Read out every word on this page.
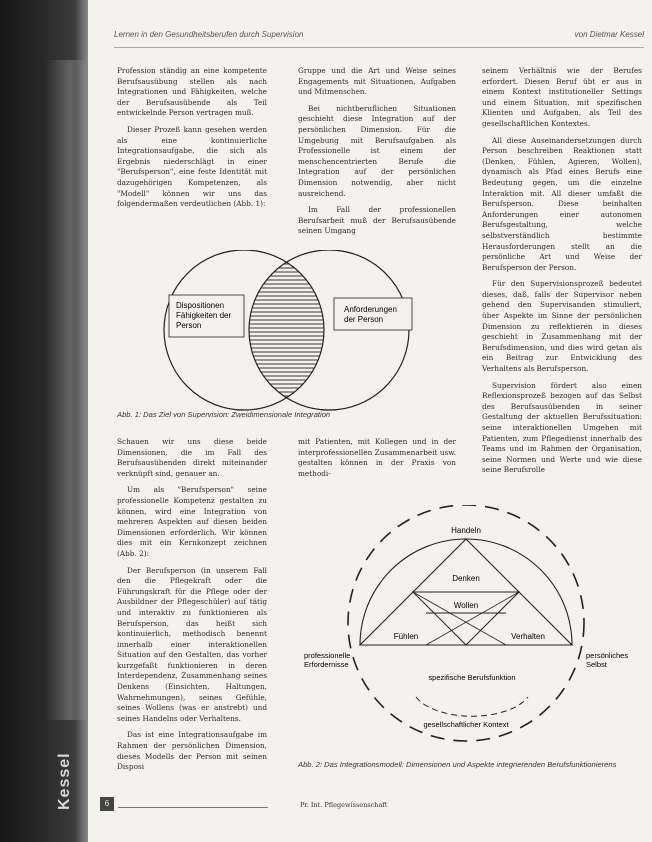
Kessel
Lernen in den Gesundheitsberufen durch Supervision	von Dietmar Kessel

Profession ständig an eine kompetente Berufsausübung stellen als nach Integrationen und Fähigkeiten, welche der Berufsausübende als Teil entwickelnde Person vertragen muß.

Dieser Prozeß kann gesehen werden als eine kontinuierliche Integrationsaufgabe, die sich als Ergebnis niederschlägt in einer "Berufsperson", eine feste Identität mit dazugehörigen Kompetenzen, als "Modell" können wir uns das folgendermaßen verdeutlichen (Abb. 1):

Gruppe und die Art und Weise seines Engagements mit Situationen, Aufgaben und Mitmenschen.

Bei nichtberuflichen Situationen geschieht diese Integration auf der persönlichen Dimension. Für die Umgebung mit Berufsaufgaben als Professionelle ist einem der menschencentrierten Berufe die Integration auf der persönlichen Dimension notwendig, aber nicht ausreichend.

Im Fall der professionellen Berufsarbeit muß der Berufsausübende seinen Umgang

seinem Verhältnis wie der Berufes erfordert. Diesen Beruf übt er aus in einem Kontext institutioneller Settings und einem Situation, mit spezifischen Klienten und Aufgaben, als Teil des gesellschaftlichen Kontextes.

All diese Auseinandersetzungen durch Person beschreiben Reaktionen statt (Denken, Fühlen, Agieren, Wollen), dynamisch als Pfad eines Berufs eine Bedeutung gegen, um die einzelne Interaktion mit. All dieser umfaßt die Berufsperson. Diese beinhalten Anforderungen einer autonomen Berufsgestaltung, welche selbstverständlich bestimmte Herausforderungen stellt an die persönliche Art und Weise der Berufsperson der Person.

Für den Supervisionsprozeß bedeutet dieses, daß, falls der Supervisor neben gehend den Supervisanden stimuliert, über Aspekte im Sinne der persönlichen Dimension zu reflektieren in dieses geschieht in Zusammenhang mit der Berufsdimension, und dies wird getan als ein Beitrag zur Entwicklung des Verhaltens als Berufsperson.

Supervision fördert also einen Reflexionsprozeß bezogen auf das Selbst des Berufsausübenden in seiner Gestaltung der aktuellen Berufssituation: seine interaktionellen Umgehen mit Patienten, zum Pflegedienst innerhalb des Teams und im Rahmen der Organisation, seine Normen und Werte und wie diese seine Berufsrolle

Dispositionen Fähigkeiten der Person
Anforderungen der Person
Abb. 1: Das Ziel von Supervision: Zweidimensionale Integration

Schauen wir uns diese beide Dimensionen, die im Fall des Berufsausübenden direkt miteinander verknüpft sind, genauer an.

Um als "Berufsperson" seine professionelle Kompetenz gestalten zu können, wird eine Integration von mehreren Aspekten auf diesen beiden Dimensionen erforderlich. Wir können dies mit ein Kernkonzept zeichnen (Abb. 2):

Der Berufsperson (in unserem Fall den die Pflegekraft oder die Führungskraft für die Pflege oder der Ausbildner der Pflegeschüler) auf tätig und interaktiv zu funktionieren als Berufsperson, das heißt sich kontinuierlich, methodisch benennt innerhalb einer interaktionellen Situation auf den Gestalten, das vorher kurzgefaßt funktionieren in deren Interdependenz, Zusammenhang seines Denkens (Einsichten, Haltungen, Wahrnehmungen), seines Gefühle, seines Wollens (was er anstrebt) und seines Handelns oder Verhaltens.

Das ist eine Integrationsaufgabe im Rahmen der persönlichen Dimension, dieses Modells der Person mit seinen Disposi

mit Patienten, mit Kollegen und in der interprofessionellen Zusammenarbeit usw. gestalten können in der Praxis von methodi-

Handeln
Denken
Wollen
Fühlen	Verhalten
professionelle Erfordernisse
persönliches Selbst
spezifische Berufsfunktion
gesellschaftlicher Kontext
Abb. 2: Das Integrationsmodell: Dimensionen und Aspekte integrierenden Berufsfunktionierens
6	Pr. Int. Pflegewissenschaft
